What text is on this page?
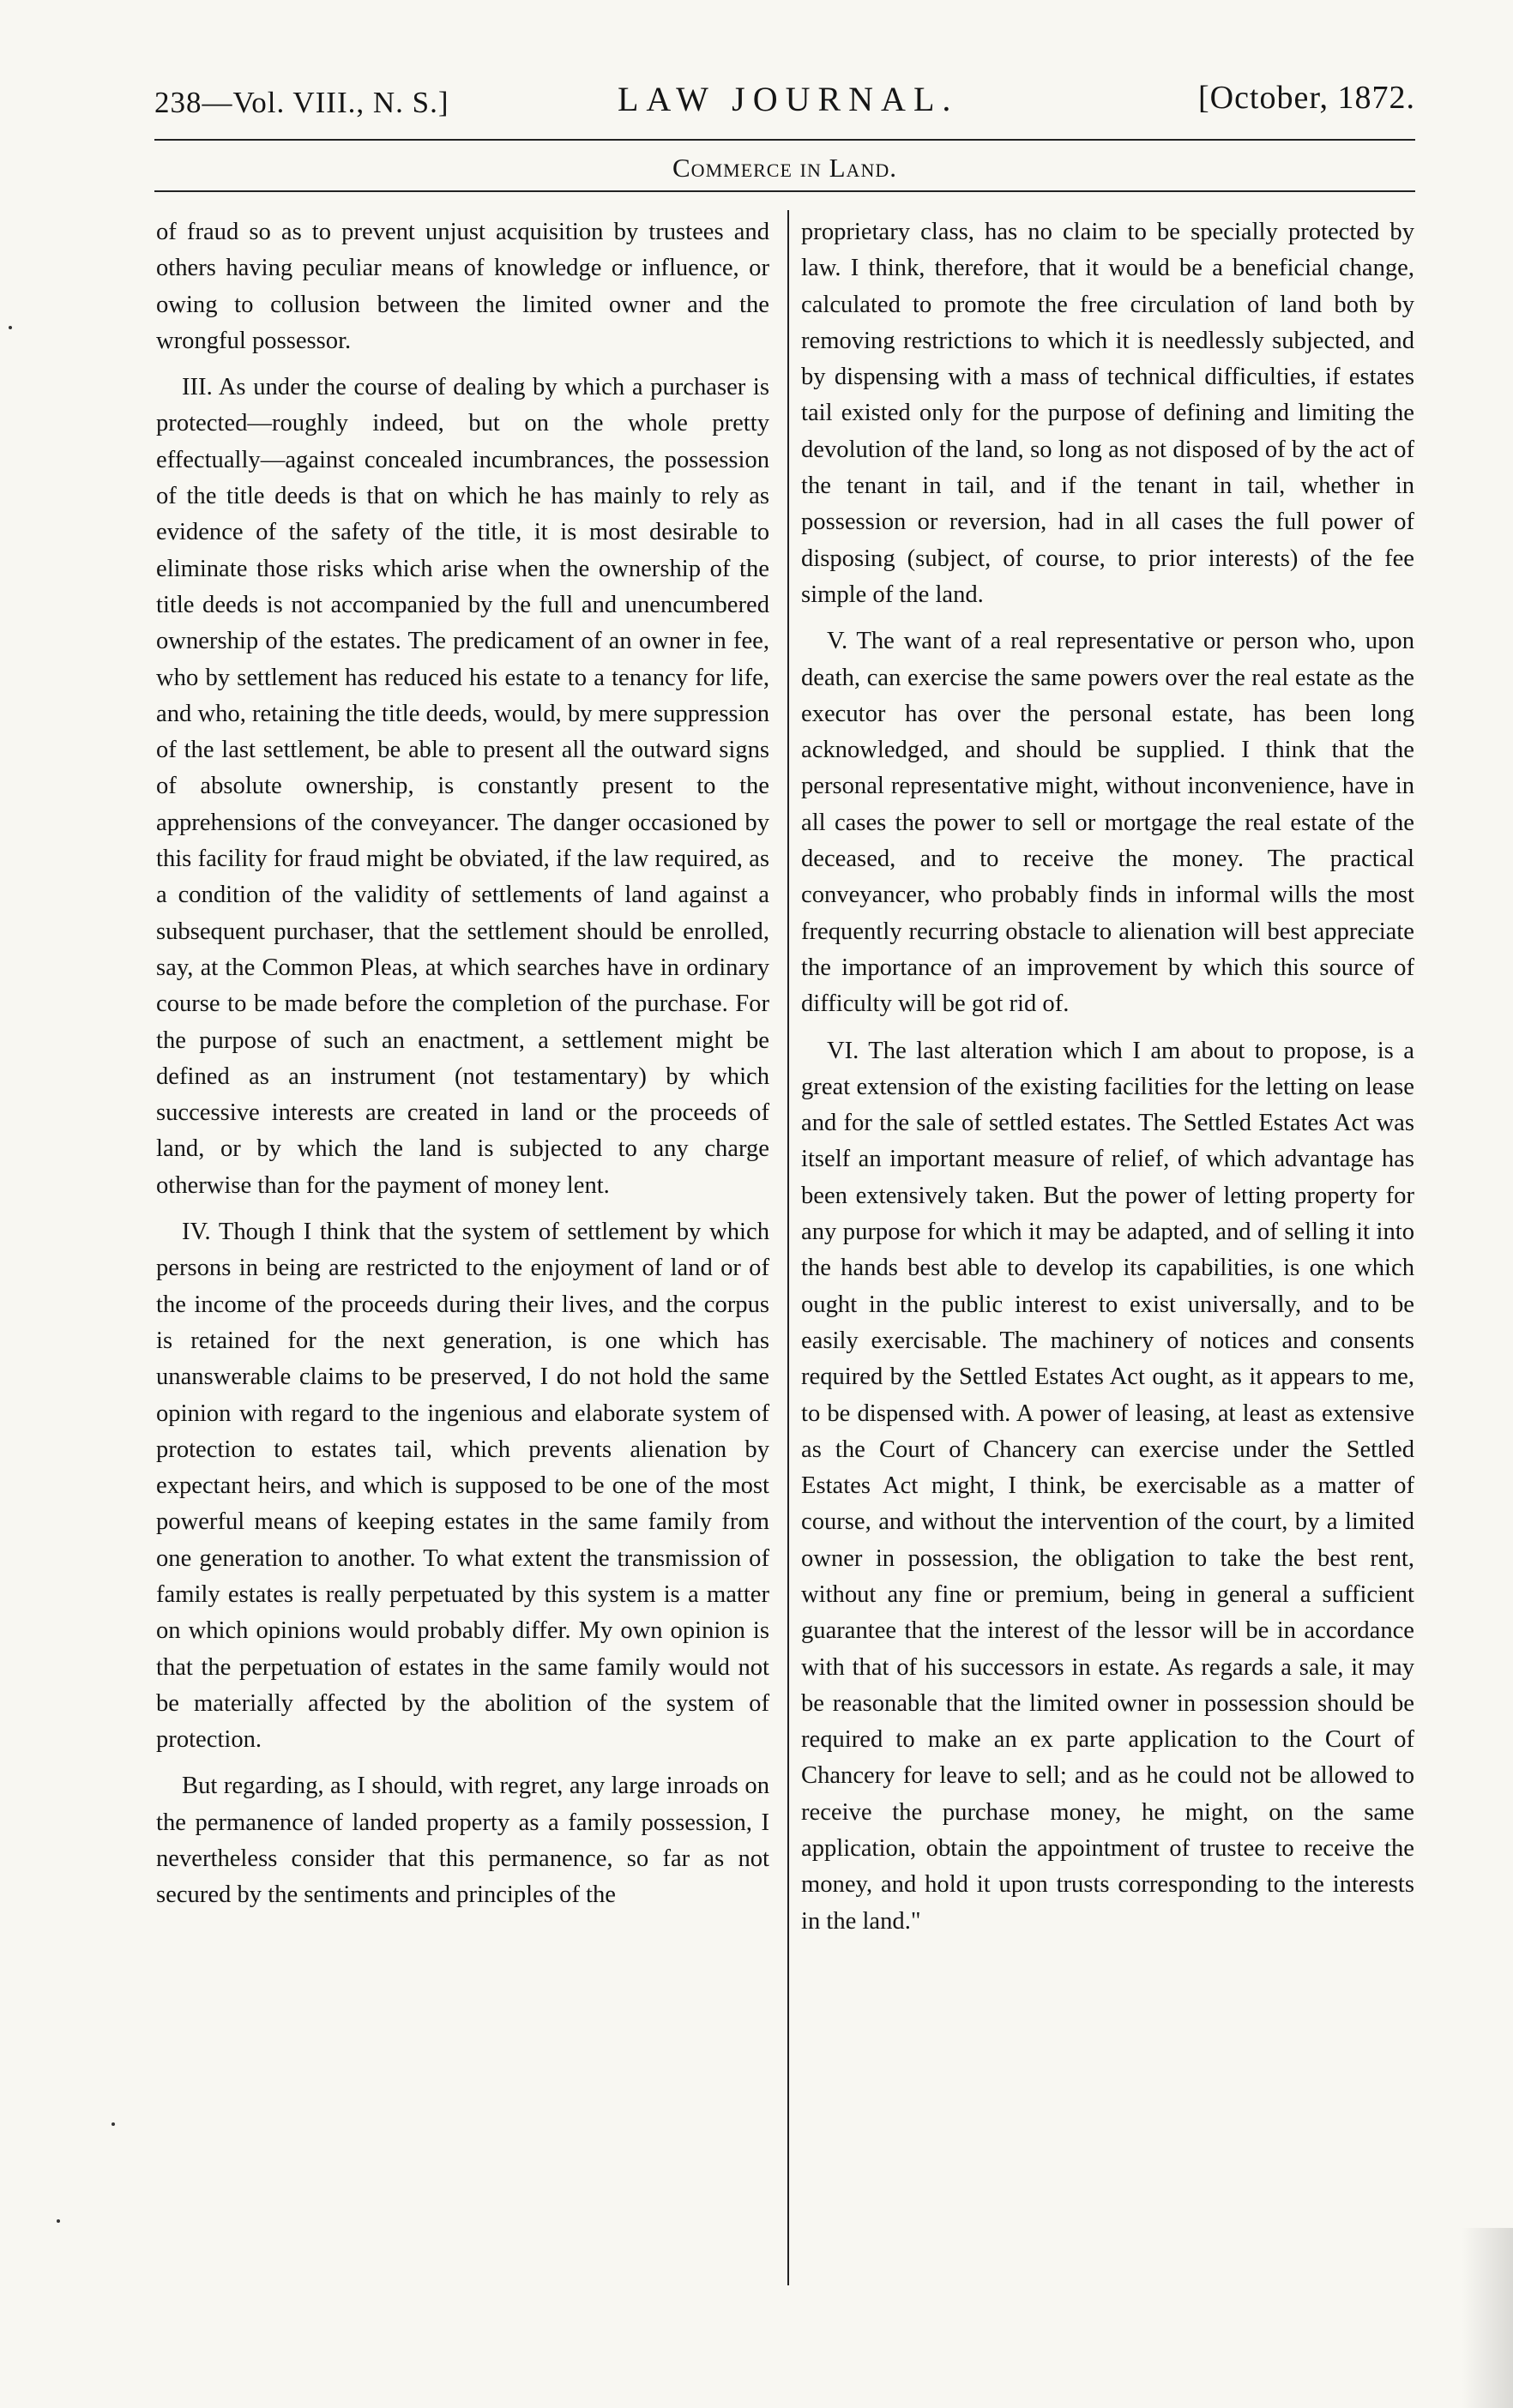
238—Vol. VIII., N. S.]	LAW JOURNAL.	[October, 1872.
Commerce in Land.

of fraud so as to prevent unjust acquisition by trustees and others having peculiar means of knowledge or influence, or owing to collusion between the limited owner and the wrongful possessor.

III. As under the course of dealing by which a purchaser is protected—roughly indeed, but on the whole pretty effectually—against concealed incumbrances, the possession of the title deeds is that on which he has mainly to rely as evidence of the safety of the title, it is most desirable to eliminate those risks which arise when the ownership of the title deeds is not accompanied by the full and unencumbered ownership of the estates. The predicament of an owner in fee, who by settlement has reduced his estate to a tenancy for life, and who, retaining the title deeds, would, by mere suppression of the last settlement, be able to present all the outward signs of absolute ownership, is constantly present to the apprehensions of the conveyancer. The danger occasioned by this facility for fraud might be obviated, if the law required, as a condition of the validity of settlements of land against a subsequent purchaser, that the settlement should be enrolled, say, at the Common Pleas, at which searches have in ordinary course to be made before the completion of the purchase. For the purpose of such an enactment, a settlement might be defined as an instrument (not testamentary) by which successive interests are created in land or the proceeds of land, or by which the land is subjected to any charge otherwise than for the payment of money lent.

IV. Though I think that the system of settlement by which persons in being are restricted to the enjoyment of land or of the income of the proceeds during their lives, and the corpus is retained for the next generation, is one which has unanswerable claims to be preserved, I do not hold the same opinion with regard to the ingenious and elaborate system of protection to estates tail, which prevents alienation by expectant heirs, and which is supposed to be one of the most powerful means of keeping estates in the same family from one generation to another. To what extent the transmission of family estates is really perpetuated by this system is a matter on which opinions would probably differ. My own opinion is that the perpetuation of estates in the same family would not be materially affected by the abolition of the system of protection.

But regarding, as I should, with regret, any large inroads on the permanence of landed property as a family possession, I nevertheless consider that this permanence, so far as not secured by the sentiments and principles of the

proprietary class, has no claim to be specially protected by law. I think, therefore, that it would be a beneficial change, calculated to promote the free circulation of land both by removing restrictions to which it is needlessly subjected, and by dispensing with a mass of technical difficulties, if estates tail existed only for the purpose of defining and limiting the devolution of the land, so long as not disposed of by the act of the tenant in tail, and if the tenant in tail, whether in possession or reversion, had in all cases the full power of disposing (subject, of course, to prior interests) of the fee simple of the land.

V. The want of a real representative or person who, upon death, can exercise the same powers over the real estate as the executor has over the personal estate, has been long acknowledged, and should be supplied. I think that the personal representative might, without inconvenience, have in all cases the power to sell or mortgage the real estate of the deceased, and to receive the money. The practical conveyancer, who probably finds in informal wills the most frequently recurring obstacle to alienation will best appreciate the importance of an improvement by which this source of difficulty will be got rid of.

VI. The last alteration which I am about to propose, is a great extension of the existing facilities for the letting on lease and for the sale of settled estates. The Settled Estates Act was itself an important measure of relief, of which advantage has been extensively taken. But the power of letting property for any purpose for which it may be adapted, and of selling it into the hands best able to develop its capabilities, is one which ought in the public interest to exist universally, and to be easily exercisable. The machinery of notices and consents required by the Settled Estates Act ought, as it appears to me, to be dispensed with. A power of leasing, at least as extensive as the Court of Chancery can exercise under the Settled Estates Act might, I think, be exercisable as a matter of course, and without the intervention of the court, by a limited owner in possession, the obligation to take the best rent, without any fine or premium, being in general a sufficient guarantee that the interest of the lessor will be in accordance with that of his successors in estate. As regards a sale, it may be reasonable that the limited owner in possession should be required to make an ex parte application to the Court of Chancery for leave to sell; and as he could not be allowed to receive the purchase money, he might, on the same application, obtain the appointment of trustee to receive the money, and hold it upon trusts corresponding to the interests in the land."
